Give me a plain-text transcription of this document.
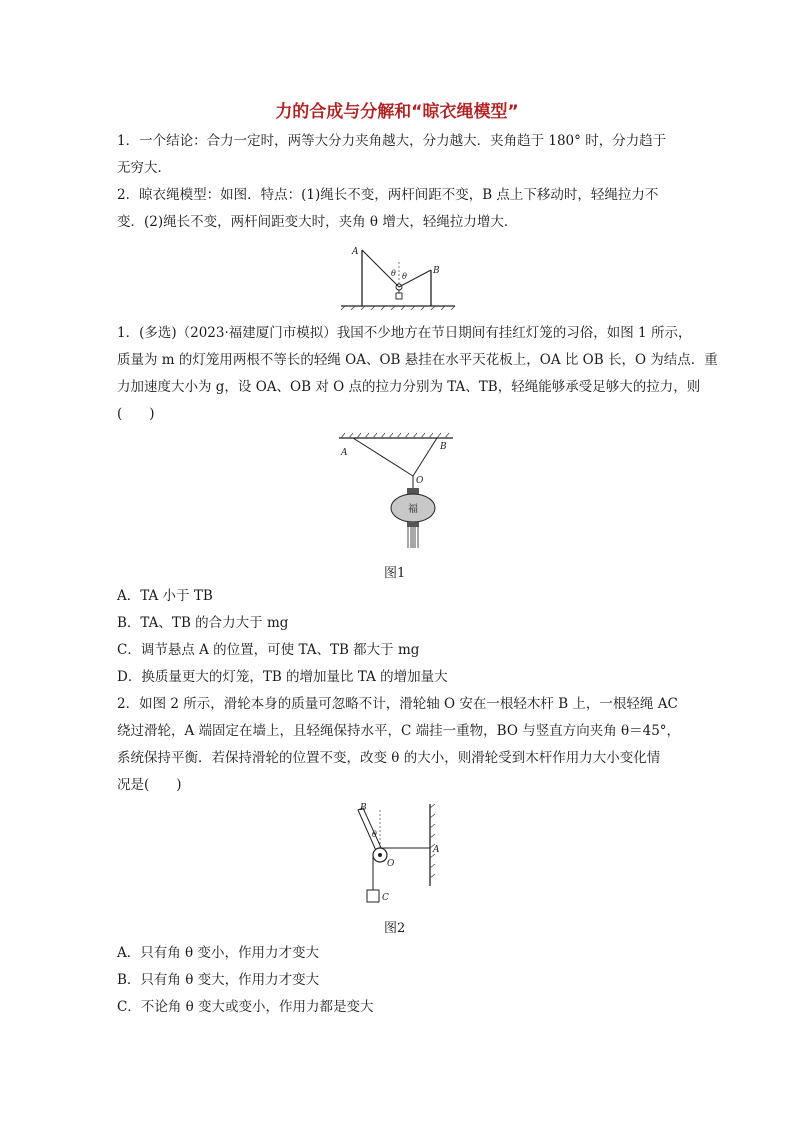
力的合成与分解和“晾衣绳模型”
1．一个结论：合力一定时，两等大分力夹角越大，分力越大．夹角趋于 180° 时，分力趋于
无穷大．
2．晾衣绳模型：如图．特点：(1)绳长不变，两杆间距不变，B 点上下移动时，轻绳拉力不
变．(2)绳长不变，两杆间距变大时，夹角 θ 增大，轻绳拉力增大．
A
B
θ θ
1．(多选)（2023·福建厦门市模拟）我国不少地方在节日期间有挂红灯笼的习俗，如图 1 所示，
质量为 m 的灯笼用两根不等长的轻绳 OA、OB 悬挂在水平天花板上，OA 比 OB 长，O 为结点．重
力加速度大小为 g，设 OA、OB 对 O 点的拉力分别为 TA、TB，轻绳能够承受足够大的拉力，则
(　　)
A
B
O
福
图1
A．TA 小于 TB
B．TA、TB 的合力大于 mg
C．调节悬点 A 的位置，可使 TA、TB 都大于 mg
D．换质量更大的灯笼，TB 的增加量比 TA 的增加量大
2．如图 2 所示，滑轮本身的质量可忽略不计，滑轮轴 O 安在一根轻木杆 B 上，一根轻绳 AC
绕过滑轮，A 端固定在墙上，且轻绳保持水平，C 端挂一重物，BO 与竖直方向夹角 θ＝45°，
系统保持平衡．若保持滑轮的位置不变，改变 θ 的大小，则滑轮受到木杆作用力大小变化情
况是(　　)
B
θ
O
A
C
图2
A．只有角 θ 变小，作用力才变大
B．只有角 θ 变大，作用力才变大
C．不论角 θ 变大或变小，作用力都是变大
